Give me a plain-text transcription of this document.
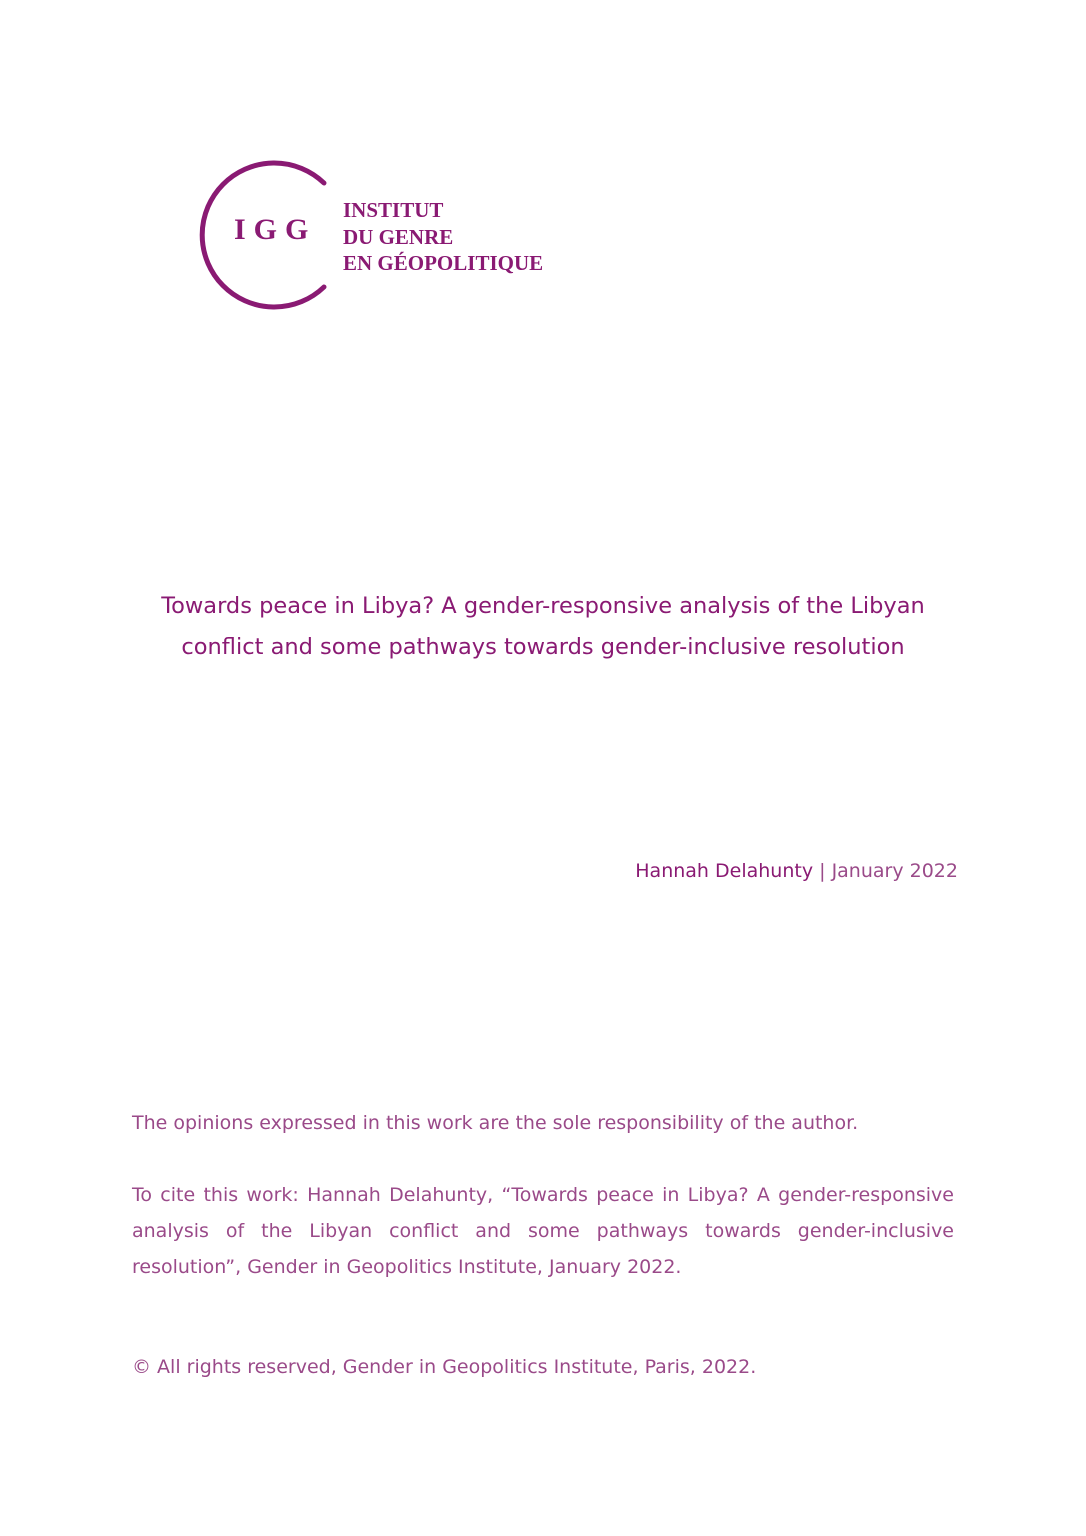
IGG
INSTITUT
DU GENRE
EN GÉOPOLITIQUE
Towards peace in Libya? A gender-responsive analysis of the Libyan
conflict and some pathways towards gender-inclusive resolution
Hannah Delahunty | January 2022
The opinions expressed in this work are the sole responsibility of the author.
To cite this work: Hannah Delahunty, “Towards peace in Libya? A gender-responsive
analysis of the Libyan conflict and some pathways towards gender-inclusive
resolution”, Gender in Geopolitics Institute, January 2022.
© All rights reserved, Gender in Geopolitics Institute, Paris, 2022.
